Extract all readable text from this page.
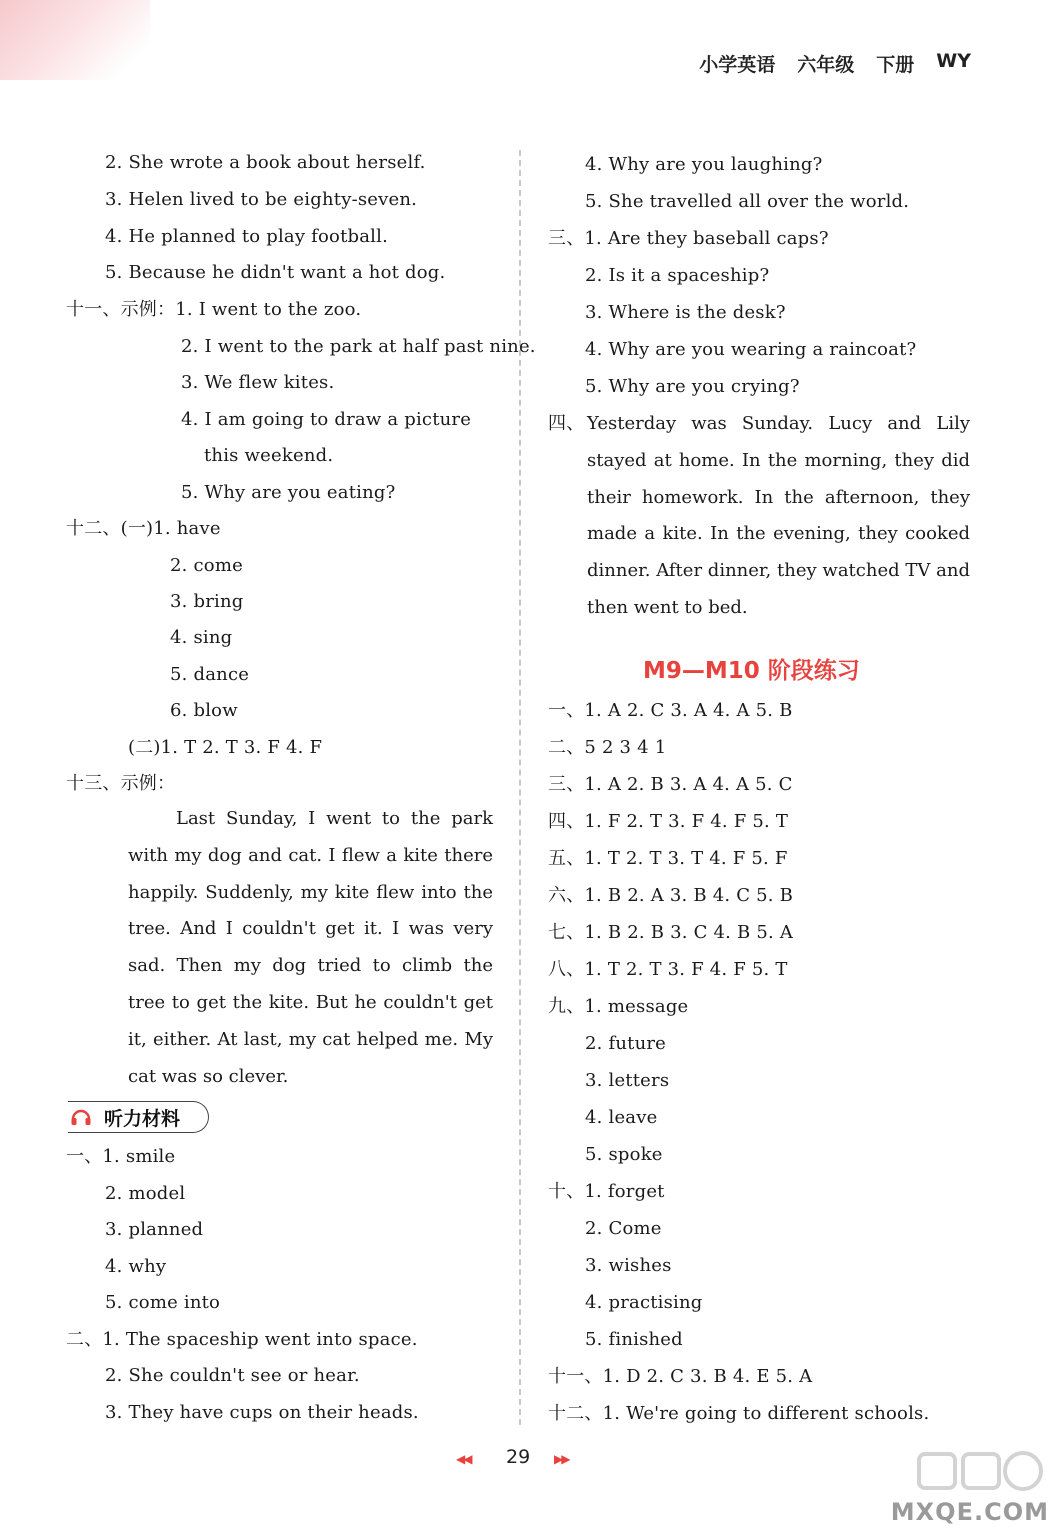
小学英语 六年级 下册 WY
2. She wrote a book about herself.
3. Helen lived to be eighty-seven.
4. He planned to play football.
5. Because he didn't want a hot dog.
十一、示例：1. I went to the zoo.
2. I went to the park at half past nine.
3. We flew kites.
4. I am going to draw a picture
this weekend.
5. Why are you eating?
十二、(一)1. have
2. come
3. bring
4. sing
5. dance
6. blow
(二)1. T 2. T 3. F 4. F
十三、示例：
Last Sunday, I went to the park with my dog and cat. I flew a kite there happily. Suddenly, my kite flew into the tree. And I couldn't get it. I was very sad. Then my dog tried to climb the tree to get the kite. But he couldn't get it, either. At last, my cat helped me. My cat was so clever.
听力材料
一、1. smile
2. model
3. planned
4. why
5. come into
二、1. The spaceship went into space.
2. She couldn't see or hear.
3. They have cups on their heads.
4. Why are you laughing?
5. She travelled all over the world.
三、1. Are they baseball caps?
2. Is it a spaceship?
3. Where is the desk?
4. Why are you wearing a raincoat?
5. Why are you crying?
四、 Yesterday was Sunday. Lucy and Lily stayed at home. In the morning, they did their homework. In the afternoon, they made a kite. In the evening, they cooked dinner. After dinner, they watched TV and then went to bed.
M9—M10 阶段练习
一、1. A 2. C 3. A 4. A 5. B
二、5 2 3 4 1
三、1. A 2. B 3. A 4. A 5. C
四、1. F 2. T 3. F 4. F 5. T
五、1. T 2. T 3. T 4. F 5. F
六、1. B 2. A 3. B 4. C 5. B
七、1. B 2. B 3. C 4. B 5. A
八、1. T 2. T 3. F 4. F 5. T
九、1. message
2. future
3. letters
4. leave
5. spoke
十、1. forget
2. Come
3. wishes
4. practising
5. finished
十一、1. D 2. C 3. B 4. E 5. A
十二、1. We're going to different schools.
◀◀ 29 ▶▶
MXQE.COM
